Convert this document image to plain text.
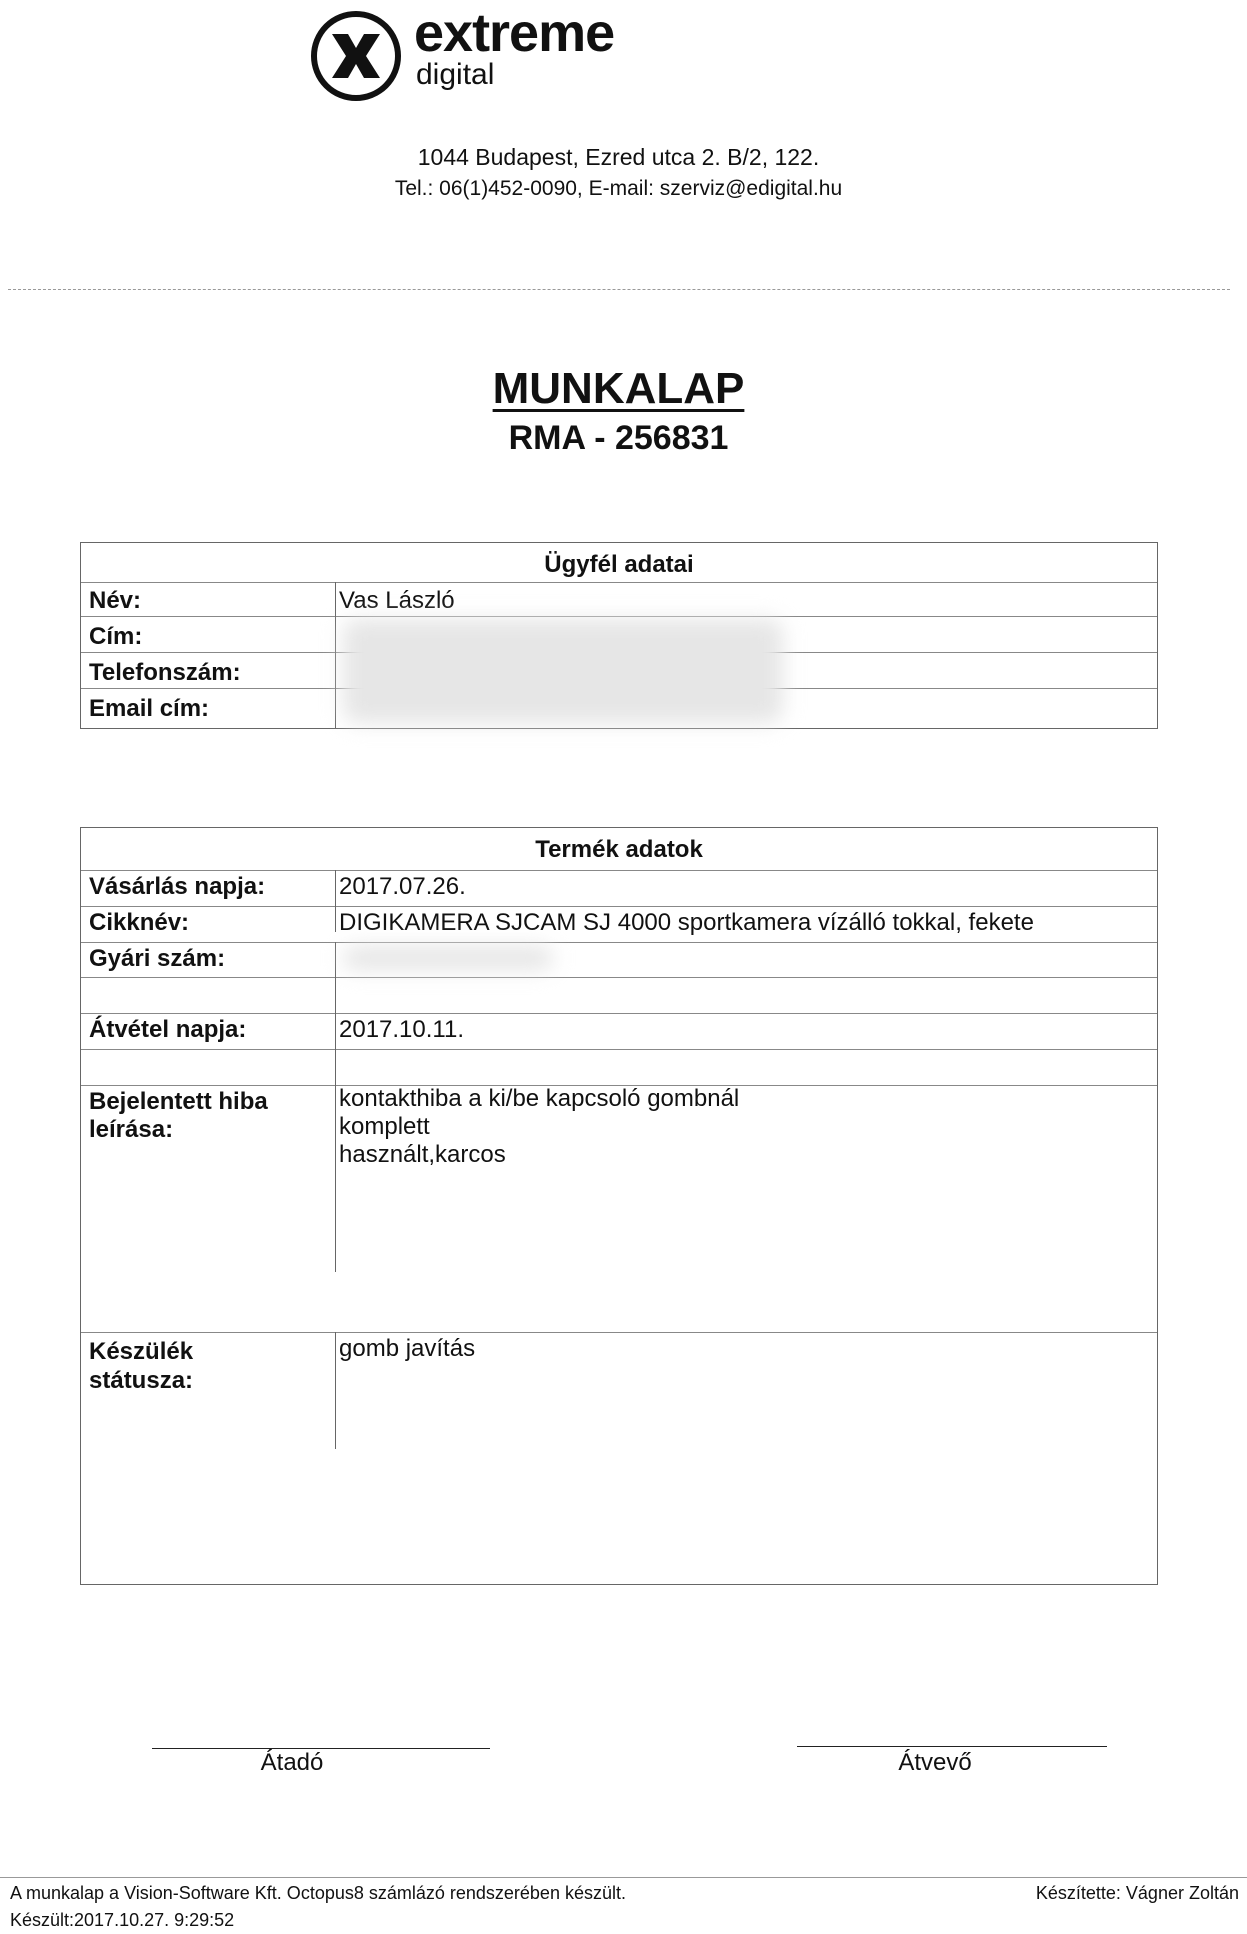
extreme
digital
1044 Budapest, Ezred utca 2. B/2, 122.
Tel.: 06(1)452-0090, E-mail: szerviz@edigital.hu
MUNKALAP
RMA - 256831
Ügyfél adatai
Név:	Vas László
Cím:
Telefonszám:
Email cím:
Termék adatok
Vásárlás napja:	2017.07.26.
Cikknév:	DIGIKAMERA SJCAM SJ 4000 sportkamera vízálló tokkal, fekete
Gyári szám:
Átvétel napja:	2017.10.11.
Bejelentett hiba
leírása:
kontakthiba a ki/be kapcsoló gombnál
komplett
használt,karcos
Készülék
státusza:
gomb javítás
Átadó	Átvevő
A munkalap a Vision-Software Kft. Octopus8 számlázó rendszerében készült.
Készült:2017.10.27. 9:29:52
Készítette: Vágner Zoltán
